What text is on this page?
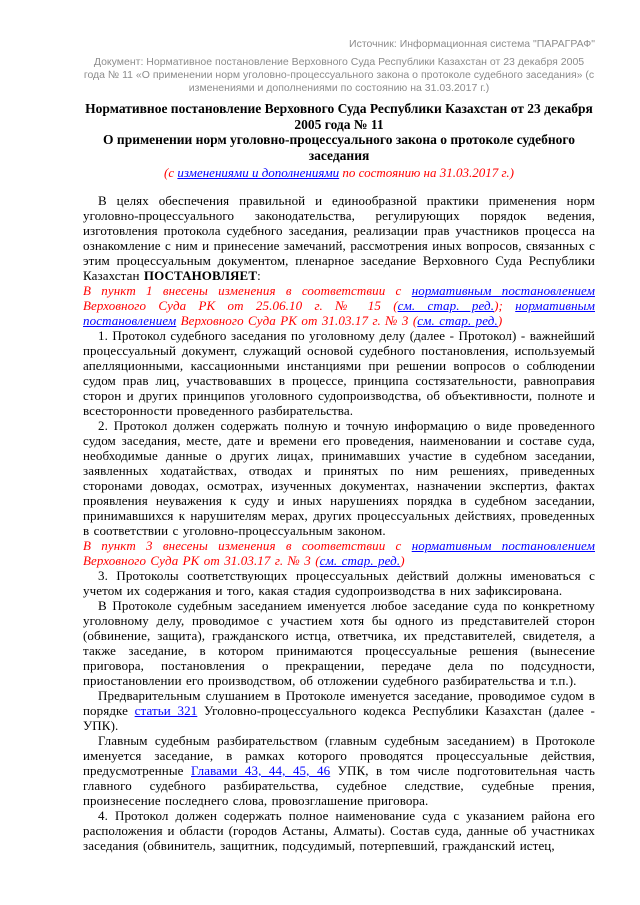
Источник: Информационная система "ПАРАГРАФ"
Документ: Нормативное постановление Верховного Суда Республики Казахстан от 23 декабря 2005 года № 11 «О применении норм уголовно-процессуального закона о протоколе судебного заседания» (с изменениями и дополнениями по состоянию на 31.03.2017 г.)
Нормативное постановление Верховного Суда Республики Казахстан от 23 декабря 2005 года № 11
О применении норм уголовно-процессуального закона о протоколе судебного заседания
(с изменениями и дополнениями по состоянию на 31.03.2017 г.)

В целях обеспечения правильной и единообразной практики применения норм уголовно-процессуального законодательства, регулирующих порядок ведения, изготовления протокола судебного заседания, реализации прав участников процесса на ознакомление с ним и принесение замечаний, рассмотрения иных вопросов, связанных с этим процессуальным документом, пленарное заседание Верховного Суда Республики Казахстан ПОСТАНОВЛЯЕТ:

В пункт 1 внесены изменения в соответствии с нормативным постановлением Верховного Суда РК от 25.06.10 г. № 15 (см. стар. ред.); нормативным постановлением Верховного Суда РК от 31.03.17 г. № 3 (см. стар. ред.)

1. Протокол судебного заседания по уголовному делу (далее - Протокол) - важнейший процессуальный документ, служащий основой судебного постановления, используемый апелляционными, кассационными инстанциями при решении вопросов о соблюдении судом прав лиц, участвовавших в процессе, принципа состязательности, равноправия сторон и других принципов уголовного судопроизводства, об объективности, полноте и всесторонности проведенного разбирательства.

2. Протокол должен содержать полную и точную информацию о виде проведенного судом заседания, месте, дате и времени его проведения, наименовании и составе суда, необходимые данные о других лицах, принимавших участие в судебном заседании, заявленных ходатайствах, отводах и принятых по ним решениях, приведенных сторонами доводах, осмотрах, изученных документах, назначении экспертиз, фактах проявления неуважения к суду и иных нарушениях порядка в судебном заседании, принимавшихся к нарушителям мерах, других процессуальных действиях, проведенных в соответствии с уголовно-процессуальным законом.

В пункт 3 внесены изменения в соответствии с нормативным постановлением Верховного Суда РК от 31.03.17 г. № 3 (см. стар. ред.)

3. Протоколы соответствующих процессуальных действий должны именоваться с учетом их содержания и того, какая стадия судопроизводства в них зафиксирована.

В Протоколе судебным заседанием именуется любое заседание суда по конкретному уголовному делу, проводимое с участием хотя бы одного из представителей сторон (обвинение, защита), гражданского истца, ответчика, их представителей, свидетеля, а также заседание, в котором принимаются процессуальные решения (вынесение приговора, постановления о прекращении, передаче дела по подсудности, приостановлении его производством, об отложении судебного разбирательства и т.п.).

Предварительным слушанием в Протоколе именуется заседание, проводимое судом в порядке статьи 321 Уголовно-процессуального кодекса Республики Казахстан (далее - УПК).

Главным судебным разбирательством (главным судебным заседанием) в Протоколе именуется заседание, в рамках которого проводятся процессуальные действия, предусмотренные Главами 43, 44, 45, 46 УПК, в том числе подготовительная часть главного судебного разбирательства, судебное следствие, судебные прения, произнесение последнего слова, провозглашение приговора.

4. Протокол должен содержать полное наименование суда с указанием района его расположения и области (городов Астаны, Алматы). Состав суда, данные об участниках заседания (обвинитель, защитник, подсудимый, потерпевший, гражданский истец,
